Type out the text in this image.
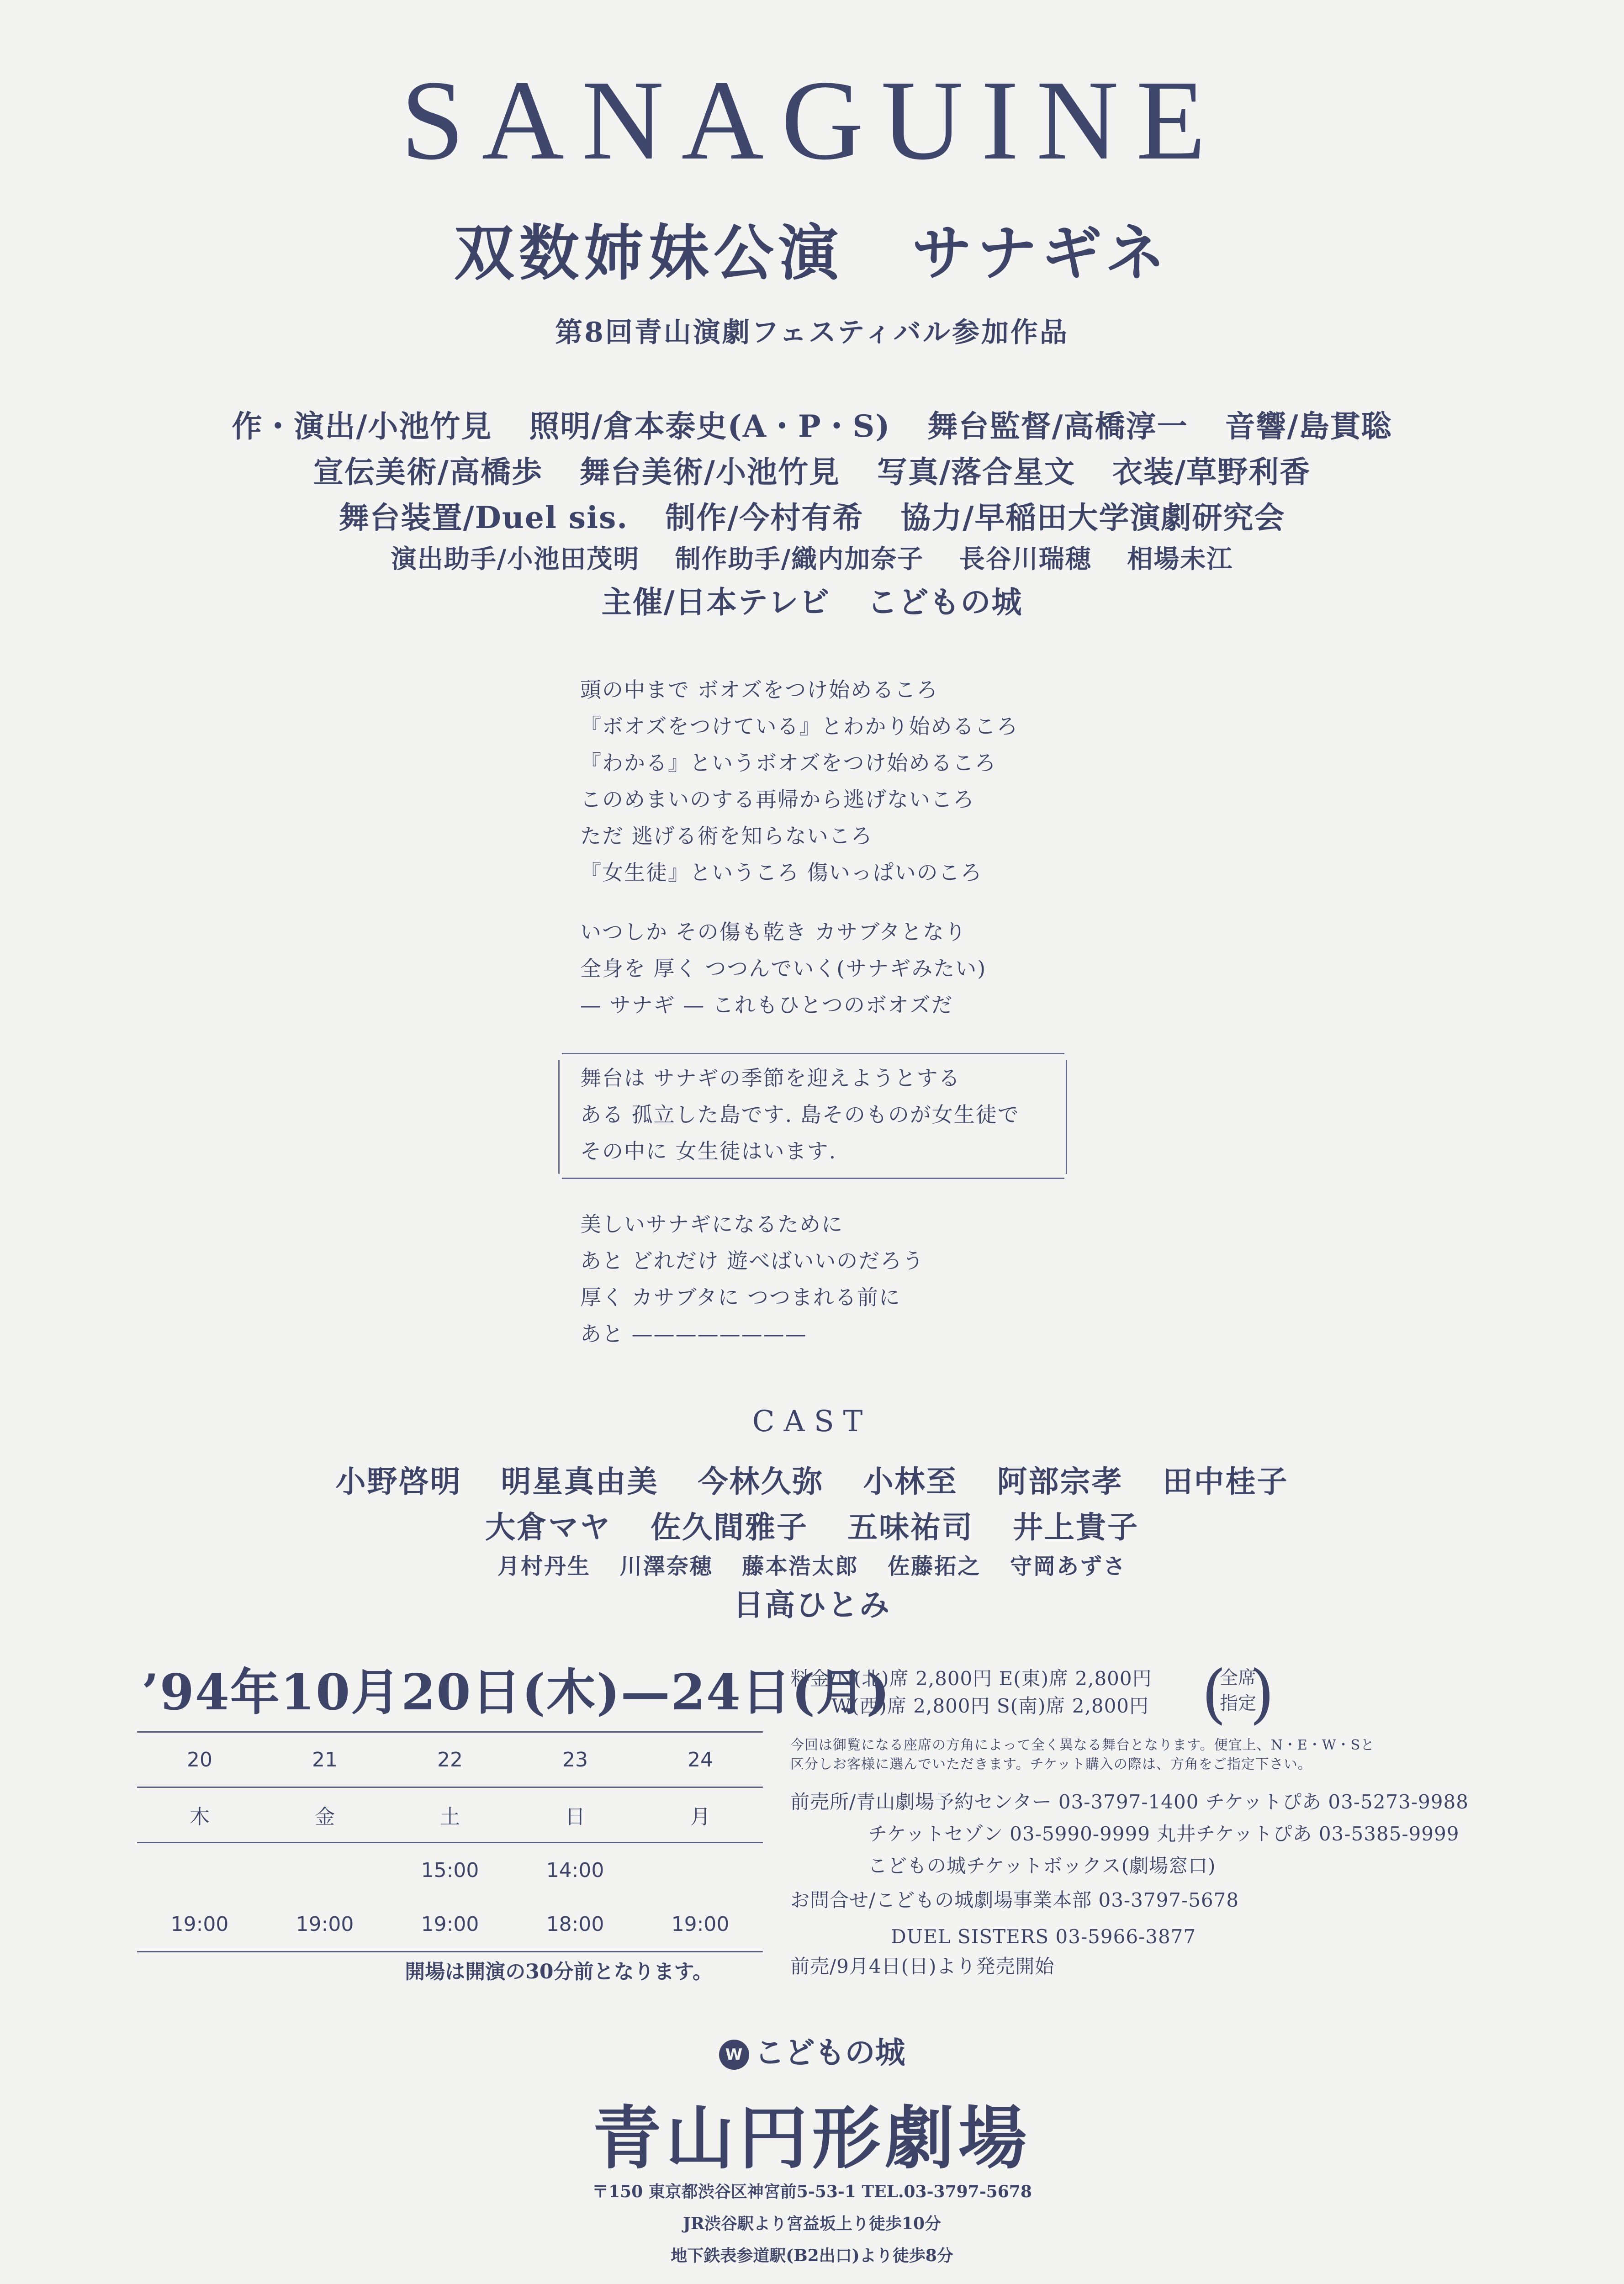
SANAGUINE
双数姉妹公演 サナギネ
第8回青山演劇フェスティバル参加作品
作・演出/小池竹見 照明/倉本泰史(A・P・S) 舞台監督/高橋淳一 音響/島貫聡
宣伝美術/高橋歩 舞台美術/小池竹見 写真/落合星文 衣装/草野利香
舞台装置/Duel sis. 制作/今村有希 協力/早稲田大学演劇研究会
演出助手/小池田茂明 制作助手/織内加奈子 長谷川瑞穂 相場未江
主催/日本テレビ こどもの城
頭の中まで ボオズをつけ始めるころ
『ボオズをつけている』とわかり始めるころ
『わかる』というボオズをつけ始めるころ
このめまいのする再帰から逃げないころ
ただ 逃げる術を知らないころ
『女生徒』というころ 傷いっぱいのころ
いつしか その傷も乾き カサブタとなり
全身を 厚く つつんでいく(サナギみたい)
— サナギ — これもひとつのボオズだ
舞台は サナギの季節を迎えようとする
ある 孤立した島です. 島そのものが女生徒で
その中に 女生徒はいます.
美しいサナギになるために
あと どれだけ 遊べばいいのだろう
厚く カサブタに つつまれる前に
あと ————————
CAST
小野啓明 明星真由美 今林久弥 小林至 阿部宗孝 田中桂子
大倉マヤ 佐久間雅子 五味祐司 井上貴子
月村丹生 川澤奈穂 藤本浩太郎 佐藤拓之 守岡あずさ
日高ひとみ
’94年10月20日(木)—24日(月)
20	21	22	23	24
木	金	土	日	月
		15:00	14:00	
19:00	19:00	19:00	18:00	19:00
開場は開演の30分前となります。
料金/N(北)席 2,800円 E(東)席 2,800円
W(西)席 2,800円 S(南)席 2,800円 (
全席
指定
)
今回は御覧になる座席の方角によって全く異なる舞台となります。便宜上、N・E・W・Sと
区分しお客様に選んでいただきます。チケット購入の際は、方角をご指定下さい。
前売所/青山劇場予約センター 03-3797-1400 チケットぴあ 03-5273-9988
チケットセゾン 03-5990-9999 丸井チケットぴあ 03-5385-9999
こどもの城チケットボックス(劇場窓口)
お問合せ/こどもの城劇場事業本部 03-3797-5678
DUEL SISTERS 03-5966-3877
前売/9月4日(日)より発売開始
W こどもの城
青山円形劇場
〒150 東京都渋谷区神宮前5-53-1 TEL.03-3797-5678
JR渋谷駅より宮益坂上り徒歩10分
地下鉄表参道駅(B2出口)より徒歩8分
